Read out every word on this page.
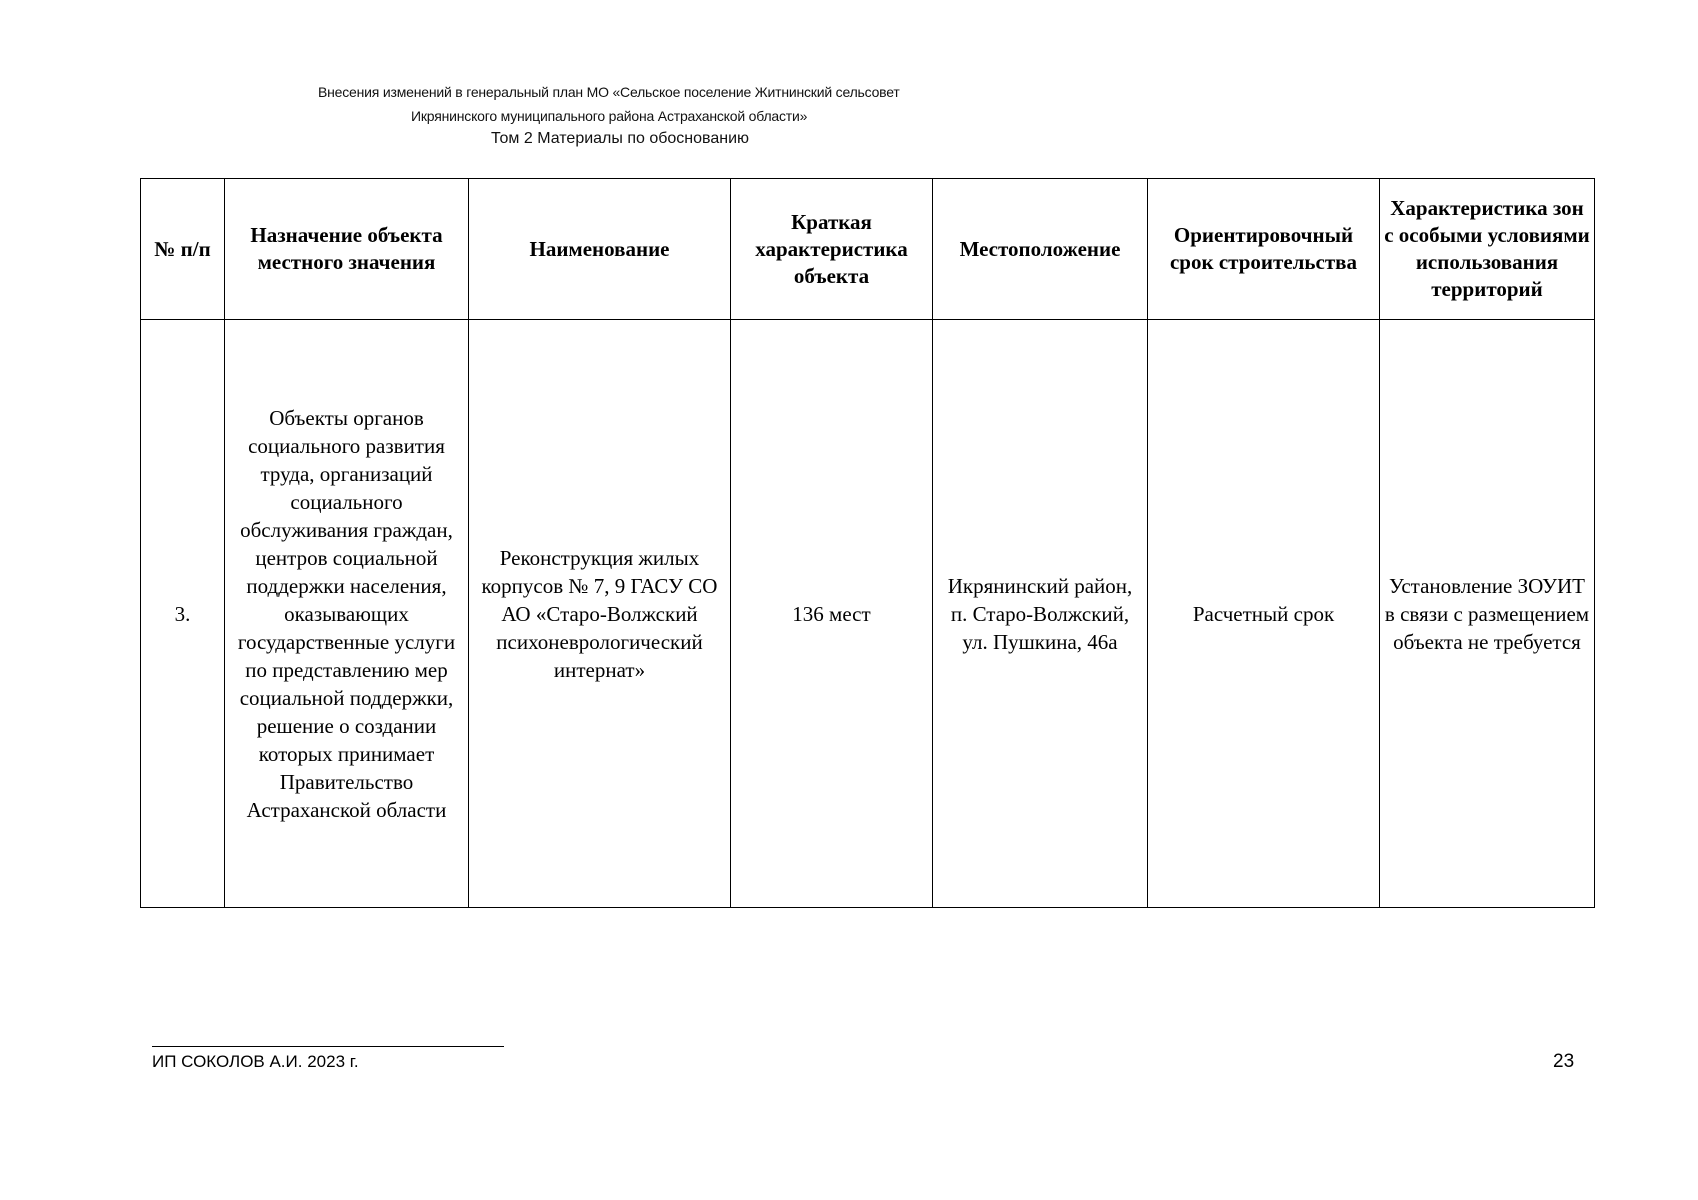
Внесения изменений в генеральный план МО «Сельское поселение Житнинский сельсовет
Икрянинского муниципального района Астраханской области»
Том 2 Материалы по обоснованию
№ п/п	Назначение объекта местного значения	Наименование	Краткая характеристика объекта	Местоположение	Ориентировочный срок строительства	Характеристика зон с особыми условиями использования территорий
3.	Объекты органов социального развития труда, организаций социального обслуживания граждан, центров социальной поддержки населения, оказывающих государственные услуги по представлению мер социальной поддержки, решение о создании которых принимает Правительство Астраханской области	Реконструкция жилых корпусов № 7, 9 ГАСУ СО АО «Старо-Волжский психоневрологический интернат»	136 мест	Икрянинский район, п. Старо-Волжский, ул. Пушкина, 46а	Расчетный срок	Установление ЗОУИТ в связи с размещением объекта не требуется
ИП СОКОЛОВ А.И. 2023 г.	23
